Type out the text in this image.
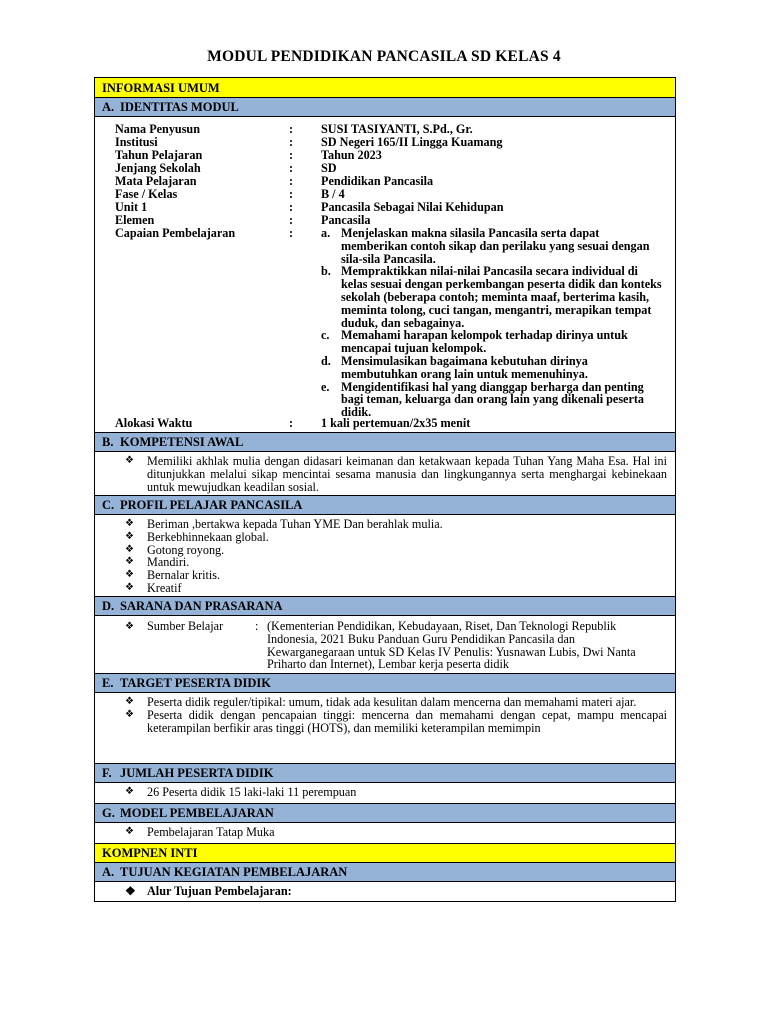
MODUL PENDIDIKAN PANCASILA SD KELAS 4
INFORMASI UMUM
A. IDENTITAS MODUL
Nama Penyusun	: SUSI TASIYANTI, S.Pd., Gr.
Institusi	: SD Negeri 165/II Lingga Kuamang
Tahun Pelajaran	: Tahun 2023
Jenjang Sekolah	: SD
Mata Pelajaran	: Pendidikan Pancasila
Fase / Kelas	: B / 4
Unit 1	: Pancasila Sebagai Nilai Kehidupan
Elemen	: Pancasila
Capaian Pembelajaran	: a. Menjelaskan makna silasila Pancasila serta dapat memberikan contoh sikap dan perilaku yang sesuai dengan sila-sila Pancasila.
b. Mempraktikkan nilai-nilai Pancasila secara individual di kelas sesuai dengan perkembangan peserta didik dan konteks sekolah (beberapa contoh; meminta maaf, berterima kasih, meminta tolong, cuci tangan, mengantri, merapikan tempat duduk, dan sebagainya.
c. Memahami harapan kelompok terhadap dirinya untuk mencapai tujuan kelompok.
d. Mensimulasikan bagaimana kebutuhan dirinya membutuhkan orang lain untuk memenuhinya.
e. Mengidentifikasi hal yang dianggap berharga dan penting bagi teman, keluarga dan orang lain yang dikenali peserta didik.
Alokasi Waktu	: 1 kali pertemuan/2x35 menit
B. KOMPETENSI AWAL
❖ Memiliki akhlak mulia dengan didasari keimanan dan ketakwaan kepada Tuhan Yang Maha Esa. Hal ini ditunjukkan melalui sikap mencintai sesama manusia dan lingkungannya serta menghargai kebinekaan untuk mewujudkan keadilan sosial.
C. PROFIL PELAJAR PANCASILA
❖ Beriman ,bertakwa kepada Tuhan YME Dan berahlak mulia.
❖ Berkebhinnekaan global.
❖ Gotong royong.
❖ Mandiri.
❖ Bernalar kritis.
❖ Kreatif
D. SARANA DAN PRASARANA
❖ Sumber Belajar	: (Kementerian Pendidikan, Kebudayaan, Riset, Dan Teknologi Republik Indonesia, 2021 Buku Panduan Guru Pendidikan Pancasila dan Kewarganegaraan untuk SD Kelas IV Penulis: Yusnawan Lubis, Dwi Nanta Priharto dan Internet), Lembar kerja peserta didik
E. TARGET PESERTA DIDIK
❖ Peserta didik reguler/tipikal: umum, tidak ada kesulitan dalam mencerna dan memahami materi ajar.
❖ Peserta didik dengan pencapaian tinggi: mencerna dan memahami dengan cepat, mampu mencapai keterampilan berfikir aras tinggi (HOTS), dan memiliki keterampilan memimpin
F. JUMLAH PESERTA DIDIK
❖ 26 Peserta didik 15 laki-laki 11 perempuan
G. MODEL PEMBELAJARAN
❖ Pembelajaran Tatap Muka
KOMPNEN INTI
A. TUJUAN KEGIATAN PEMBELAJARAN
❖ Alur Tujuan Pembelajaran:
